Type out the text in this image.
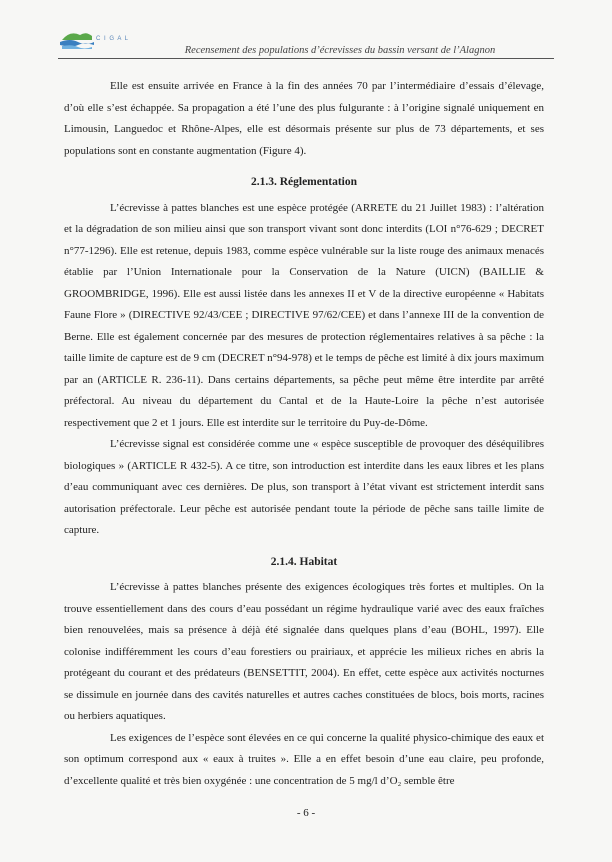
C I G A L
Recensement des populations d’écrevisses du bassin versant de l’Alagnon

Elle est ensuite arrivée en France à la fin des années 70 par l’intermédiaire d’essais d’élevage, d’où elle s’est échappée. Sa propagation a été l’une des plus fulgurante : à l’origine signalé uniquement en Limousin, Languedoc et Rhône-Alpes, elle est désormais présente sur plus de 73 départements, et ses populations sont en constante augmentation (Figure 4).

2.1.3. Réglementation

L’écrevisse à pattes blanches est une espèce protégée (ARRETE du 21 Juillet 1983) : l’altération et la dégradation de son milieu ainsi que son transport vivant sont donc interdits (LOI n°76-629 ; DECRET n°77-1296). Elle est retenue, depuis 1983, comme espèce vulnérable sur la liste rouge des animaux menacés établie par l’Union Internationale pour la Conservation de la Nature (UICN) (BAILLIE & GROOMBRIDGE, 1996). Elle est aussi listée dans les annexes II et V de la directive européenne « Habitats Faune Flore » (DIRECTIVE 92/43/CEE ; DIRECTIVE 97/62/CEE) et dans l’annexe III de la convention de Berne. Elle est également concernée par des mesures de protection réglementaires relatives à sa pêche : la taille limite de capture est de 9 cm (DECRET n°94-978) et le temps de pêche est limité à dix jours maximum par an (ARTICLE R. 236-11). Dans certains départements, sa pêche peut même être interdite par arrêté préfectoral. Au niveau du département du Cantal et de la Haute-Loire la pêche n’est autorisée respectivement que 2 et 1 jours. Elle est interdite sur le territoire du Puy-de-Dôme.

L’écrevisse signal est considérée comme une « espèce susceptible de provoquer des déséquilibres biologiques » (ARTICLE R 432-5). A ce titre, son introduction est interdite dans les eaux libres et les plans d’eau communiquant avec ces dernières. De plus, son transport à l’état vivant est strictement interdit sans autorisation préfectorale. Leur pêche est autorisée pendant toute la période de pêche sans taille limite de capture.

2.1.4. Habitat

L’écrevisse à pattes blanches présente des exigences écologiques très fortes et multiples. On la trouve essentiellement dans des cours d’eau possédant un régime hydraulique varié avec des eaux fraîches bien renouvelées, mais sa présence à déjà été signalée dans quelques plans d’eau (BOHL, 1997). Elle colonise indifféremment les cours d’eau forestiers ou prairiaux, et apprécie les milieux riches en abris la protégeant du courant et des prédateurs (BENSETTIT, 2004). En effet, cette espèce aux activités nocturnes se dissimule en journée dans des cavités naturelles et autres caches constituées de blocs, bois morts, racines ou herbiers aquatiques.

Les exigences de l’espèce sont élevées en ce qui concerne la qualité physico-chimique des eaux et son optimum correspond aux « eaux à truites ». Elle a en effet besoin d’une eau claire, peu profonde, d’excellente qualité et très bien oxygénée : une concentration de 5 mg/l d’O₂ semble être

- 6 -
